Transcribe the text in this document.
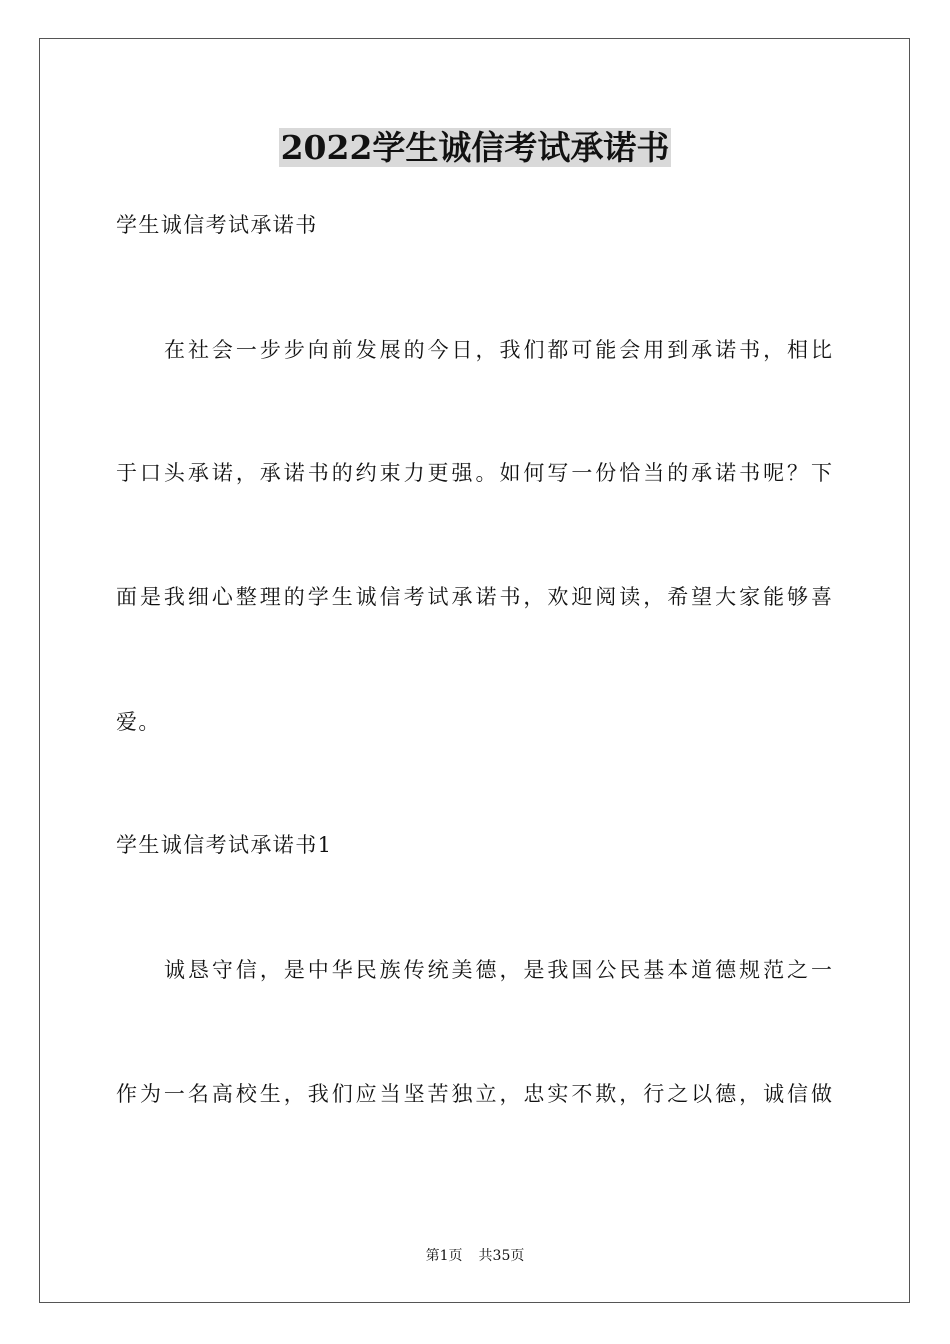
2022学生诚信考试承诺书
学生诚信考试承诺书
在社会一步步向前发展的今日，我们都可能会用到承诺书，相比
于口头承诺，承诺书的约束力更强。如何写一份恰当的承诺书呢？下
面是我细心整理的学生诚信考试承诺书，欢迎阅读，希望大家能够喜
爱。
学生诚信考试承诺书1
诚恳守信，是中华民族传统美德，是我国公民基本道德规范之一
作为一名高校生，我们应当坚苦独立，忠实不欺，行之以德，诚信做
第1页 共35页
